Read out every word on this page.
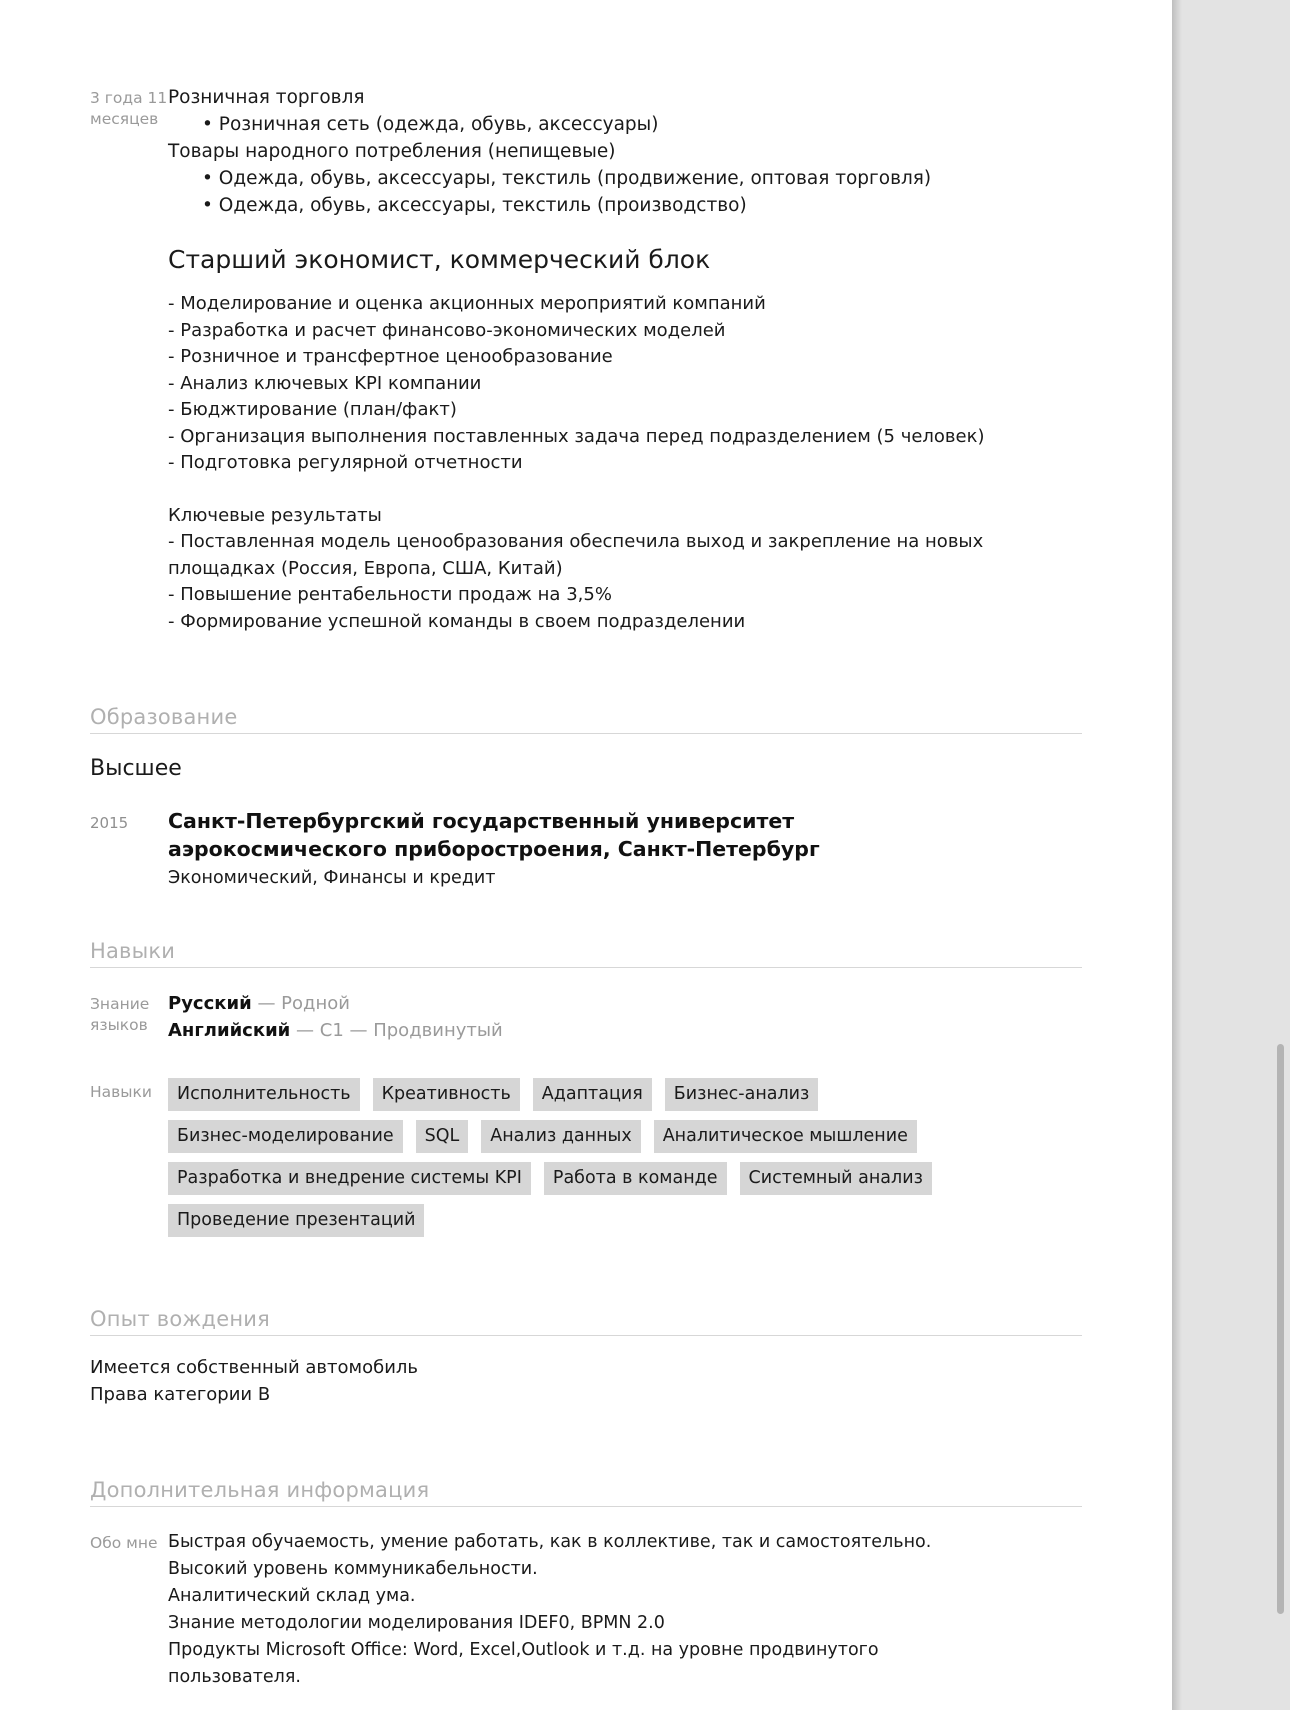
3 года 11 месяцев
Розничная торговля
• Розничная сеть (одежда, обувь, аксессуары)
Товары народного потребления (непищевые)
• Одежда, обувь, аксессуары, текстиль (продвижение, оптовая торговля)
• Одежда, обувь, аксессуары, текстиль (производство)
Старший экономист, коммерческий блок
- Моделирование и оценка акционных мероприятий компаний
- Разработка и расчет финансово-экономических моделей
- Розничное и трансфертное ценообразование
- Анализ ключевых KPI компании
- Бюджтирование (план/факт)
- Организация выполнения поставленных задача перед подразделением (5 человек)
- Подготовка регулярной отчетности
Ключевые результаты
- Поставленная модель ценообразования обеспечила выход и закрепление на новых площадках (Россия, Европа, США, Китай)
- Повышение рентабельности продаж на 3,5%
- Формирование успешной команды в своем подразделении
Образование
Высшее
2015	Санкт-Петербургский государственный университет
аэрокосмического приборостроения, Санкт-Петербург
Экономический, Финансы и кредит
Навыки
Знание языков
Русский — Родной
Английский — C1 — Продвинутый
Навыки	Исполнительность	Креативность	Адаптация	Бизнес-анализ
Бизнес-моделирование	SQL	Анализ данных	Аналитическое мышление
Разработка и внедрение системы KPI	Работа в команде	Системный анализ
Проведение презентаций
Опыт вождения
Имеется собственный автомобиль
Права категории B
Дополнительная информация
Обо мне Быстрая обучаемость, умение работать, как в коллективе, так и самостоятельно. Высокий уровень коммуникабельности.
Аналитический склад ума.
Знание методологии моделирования IDEF0, BPMN 2.0
Продукты Microsoft Office: Word, Excel,Outlook и т.д. на уровне продвинутого пользователя.
